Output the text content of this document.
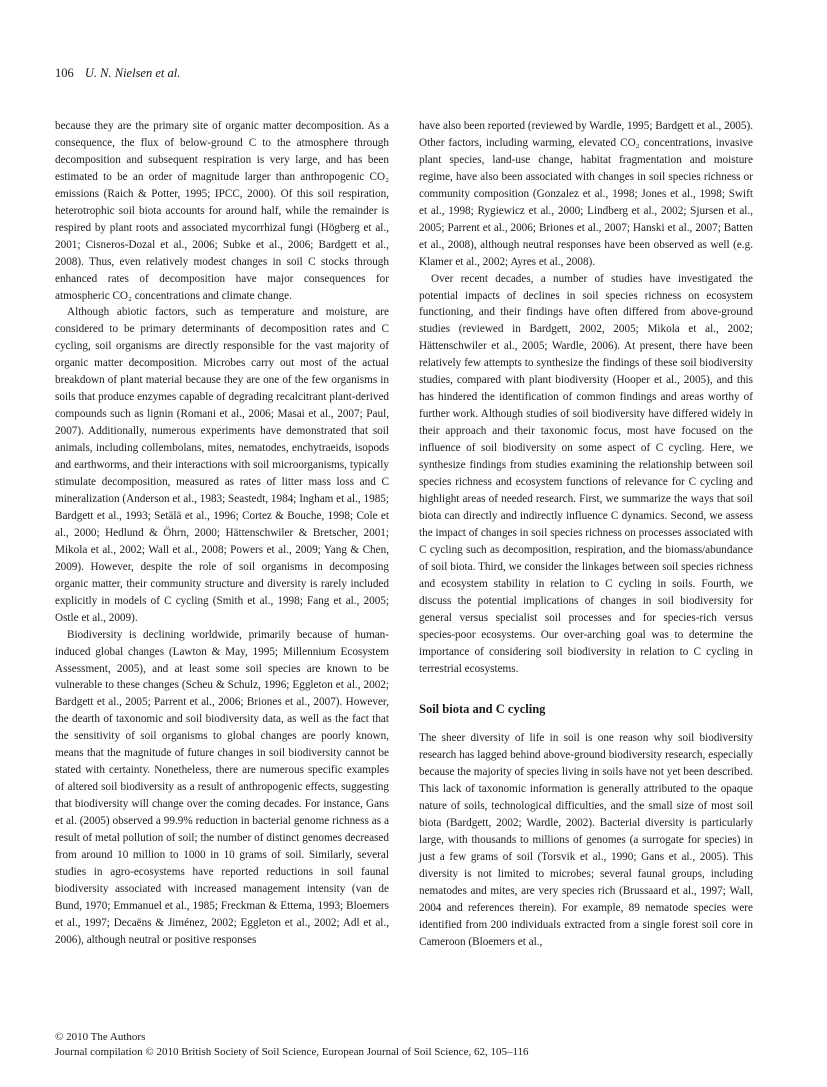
106 U. N. Nielsen et al.

because they are the primary site of organic matter decomposition. As a consequence, the flux of below-ground C to the atmosphere through decomposition and subsequent respiration is very large, and has been estimated to be an order of magnitude larger than anthropogenic CO₂ emissions (Raich & Potter, 1995; IPCC, 2000). Of this soil respiration, heterotrophic soil biota accounts for around half, while the remainder is respired by plant roots and associated mycorrhizal fungi (Högberg et al., 2001; Cisneros-Dozal et al., 2006; Subke et al., 2006; Bardgett et al., 2008). Thus, even relatively modest changes in soil C stocks through enhanced rates of decomposition have major consequences for atmospheric CO₂ concentrations and climate change.

Although abiotic factors, such as temperature and moisture, are considered to be primary determinants of decomposition rates and C cycling, soil organisms are directly responsible for the vast majority of organic matter decomposition. Microbes carry out most of the actual breakdown of plant material because they are one of the few organisms in soils that produce enzymes capable of degrading recalcitrant plant-derived compounds such as lignin (Romani et al., 2006; Masai et al., 2007; Paul, 2007). Additionally, numerous experiments have demonstrated that soil animals, including collembolans, mites, nematodes, enchytraeids, isopods and earthworms, and their interactions with soil microorganisms, typically stimulate decomposition, measured as rates of litter mass loss and C mineralization (Anderson et al., 1983; Seastedt, 1984; Ingham et al., 1985; Bardgett et al., 1993; Setälä et al., 1996; Cortez & Bouche, 1998; Cole et al., 2000; Hedlund & Öhrn, 2000; Hättenschwiler & Bretscher, 2001; Mikola et al., 2002; Wall et al., 2008; Powers et al., 2009; Yang & Chen, 2009). However, despite the role of soil organisms in decomposing organic matter, their community structure and diversity is rarely included explicitly in models of C cycling (Smith et al., 1998; Fang et al., 2005; Ostle et al., 2009).

Biodiversity is declining worldwide, primarily because of human-induced global changes (Lawton & May, 1995; Millennium Ecosystem Assessment, 2005), and at least some soil species are known to be vulnerable to these changes (Scheu & Schulz, 1996; Eggleton et al., 2002; Bardgett et al., 2005; Parrent et al., 2006; Briones et al., 2007). However, the dearth of taxonomic and soil biodiversity data, as well as the fact that the sensitivity of soil organisms to global changes are poorly known, means that the magnitude of future changes in soil biodiversity cannot be stated with certainty. Nonetheless, there are numerous specific examples of altered soil biodiversity as a result of anthropogenic effects, suggesting that biodiversity will change over the coming decades. For instance, Gans et al. (2005) observed a 99.9% reduction in bacterial genome richness as a result of metal pollution of soil; the number of distinct genomes decreased from around 10 million to 1000 in 10 grams of soil. Similarly, several studies in agro-ecosystems have reported reductions in soil faunal biodiversity associated with increased management intensity (van de Bund, 1970; Emmanuel et al., 1985; Freckman & Ettema, 1993; Bloemers et al., 1997; Decaëns & Jiménez, 2002; Eggleton et al., 2002; Adl et al., 2006), although neutral or positive responses

have also been reported (reviewed by Wardle, 1995; Bardgett et al., 2005). Other factors, including warming, elevated CO₂ concentrations, invasive plant species, land-use change, habitat fragmentation and moisture regime, have also been associated with changes in soil species richness or community composition (Gonzalez et al., 1998; Jones et al., 1998; Swift et al., 1998; Rygiewicz et al., 2000; Lindberg et al., 2002; Sjursen et al., 2005; Parrent et al., 2006; Briones et al., 2007; Hanski et al., 2007; Batten et al., 2008), although neutral responses have been observed as well (e.g. Klamer et al., 2002; Ayres et al., 2008).

Over recent decades, a number of studies have investigated the potential impacts of declines in soil species richness on ecosystem functioning, and their findings have often differed from above-ground studies (reviewed in Bardgett, 2002, 2005; Mikola et al., 2002; Hättenschwiler et al., 2005; Wardle, 2006). At present, there have been relatively few attempts to synthesize the findings of these soil biodiversity studies, compared with plant biodiversity (Hooper et al., 2005), and this has hindered the identification of common findings and areas worthy of further work. Although studies of soil biodiversity have differed widely in their approach and their taxonomic focus, most have focused on the influence of soil biodiversity on some aspect of C cycling. Here, we synthesize findings from studies examining the relationship between soil species richness and ecosystem functions of relevance for C cycling and highlight areas of needed research. First, we summarize the ways that soil biota can directly and indirectly influence C dynamics. Second, we assess the impact of changes in soil species richness on processes associated with C cycling such as decomposition, respiration, and the biomass/abundance of soil biota. Third, we consider the linkages between soil species richness and ecosystem stability in relation to C cycling in soils. Fourth, we discuss the potential implications of changes in soil biodiversity for general versus specialist soil processes and for species-rich versus species-poor ecosystems. Our over-arching goal was to determine the importance of considering soil biodiversity in relation to C cycling in terrestrial ecosystems.

Soil biota and C cycling

The sheer diversity of life in soil is one reason why soil biodiversity research has lagged behind above-ground biodiversity research, especially because the majority of species living in soils have not yet been described. This lack of taxonomic information is generally attributed to the opaque nature of soils, technological difficulties, and the small size of most soil biota (Bardgett, 2002; Wardle, 2002). Bacterial diversity is particularly large, with thousands to millions of genomes (a surrogate for species) in just a few grams of soil (Torsvik et al., 1990; Gans et al., 2005). This diversity is not limited to microbes; several faunal groups, including nematodes and mites, are very species rich (Brussaard et al., 1997; Wall, 2004 and references therein). For example, 89 nematode species were identified from 200 individuals extracted from a single forest soil core in Cameroon (Bloemers et al.,

© 2010 The Authors

Journal compilation © 2010 British Society of Soil Science, European Journal of Soil Science, 62, 105–116
